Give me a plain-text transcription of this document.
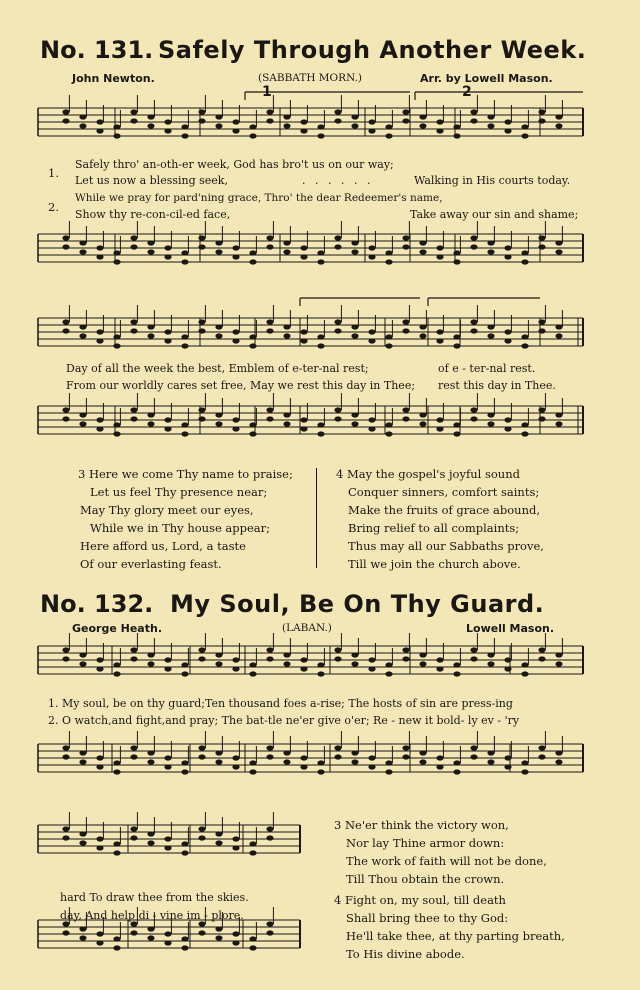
No. 131. Safely Through Another Week.
John Newton.	(SABBATH MORN.)	Arr. by Lowell Mason.
1	2
1.
Safely thro' an-oth-er week, God has bro't us on our way;
Let us now a blessing seek,	. . . . . .	Walking in His courts today.
2.
While we pray for pard'ning grace, Thro' the dear Redeemer's name,
Show thy re-con-cil-ed face,	Take away our sin and shame;
Day of all the week the best, Emblem of e-ter-nal rest;	of e - ter-nal rest.
From our worldly cares set free, May we rest this day in Thee; rest this day in Thee.
3 Here we come Thy name to praise;
Let us feel Thy presence near;
May Thy glory meet our eyes,
While we in Thy house appear;
Here afford us, Lord, a taste
Of our everlasting feast.
4 May the gospel's joyful sound
Conquer sinners, comfort saints;
Make the fruits of grace abound,
Bring relief to all complaints;
Thus may all our Sabbaths prove,
Till we join the church above.
No. 132. My Soul, Be On Thy Guard.
George Heath.	(LABAN.)	Lowell Mason.
1. My soul, be on thy guard;Ten thousand foes a-rise; The hosts of sin are press-ing
2. O watch,and fight,and pray; The bat-tle ne'er give o'er; Re - new it bold- ly ev - 'ry
hard To draw thee from the skies.
day, And help di - vine im - plore.
3 Ne'er think the victory won,
Nor lay Thine armor down:
The work of faith will not be done,
Till Thou obtain the crown.
4 Fight on, my soul, till death
Shall bring thee to thy God:
He'll take thee, at thy parting breath,
To His divine abode.
